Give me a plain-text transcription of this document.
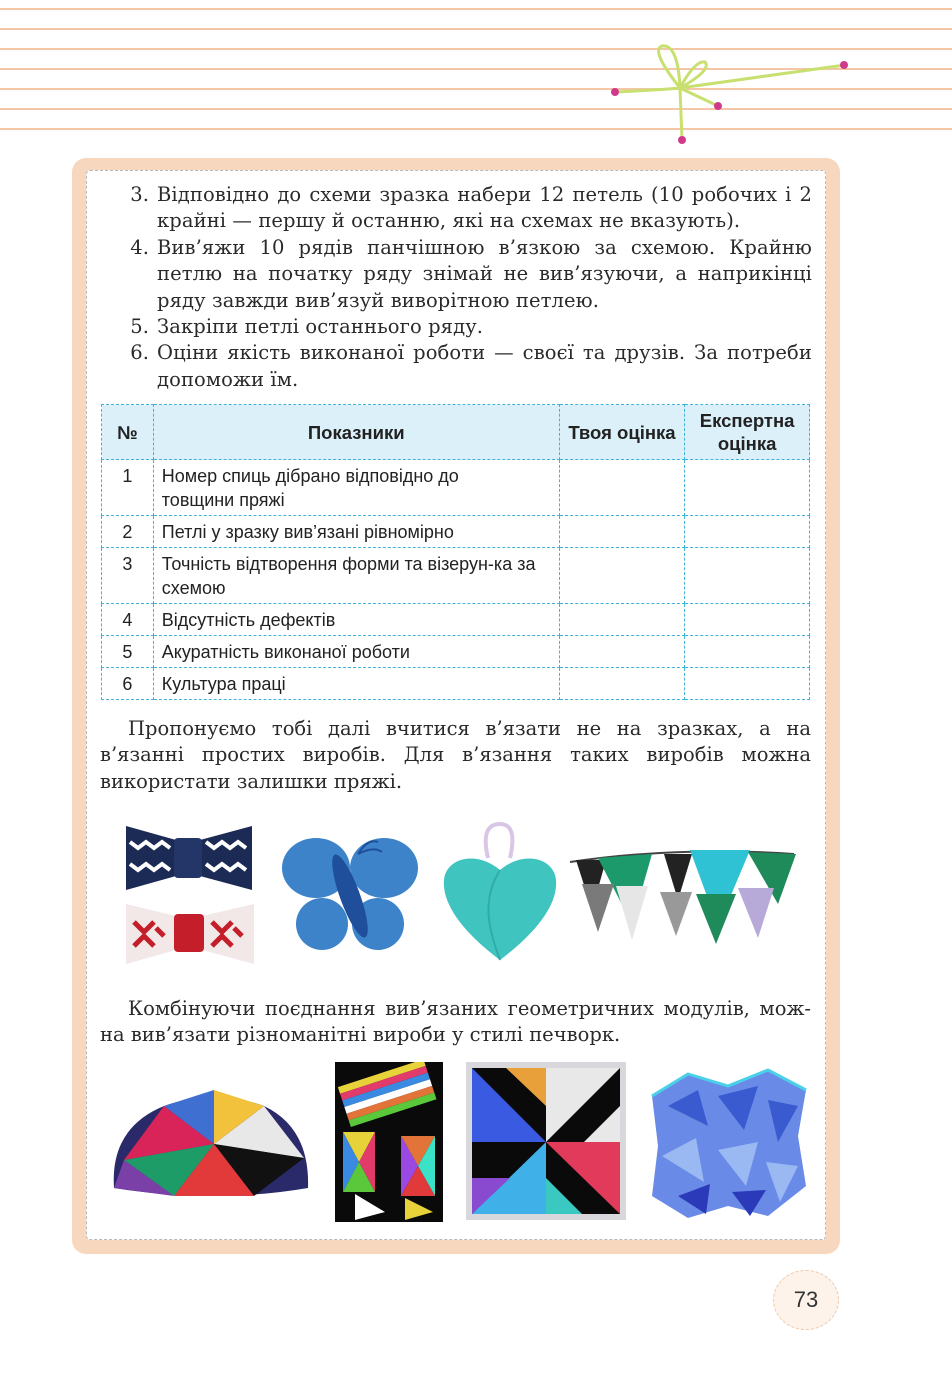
3. Відповідно до схеми зразка набери 12 петель (10 робочих і 2 крайні — першу й останню, які на схемах не вказують).
4. Вив’яжи 10 рядів панчішною в’язкою за схемою. Крайню петлю на початку ряду знімай не вив’язуючи, а наприкінці ряду завжди вив’язуй виворітною петлею.
5. Закріпи петлі останнього ряду.
6. Оціни якість виконаної роботи — своєї та друзів. За потреби допоможи їм.
№	Показники	Твоя оцінка	Експертна оцінка
1	Номер спиць дібрано відповідно до товщини пряжі		

2	Петлі у зразку вив’язані рівномірно		
3	Точність відтворення форми та візерун-ка за схемою		

4	Відсутність дефектів		
5	Акуратність виконаної роботи		
6	Культура праці		

Пропонуємо тобі далі вчитися в’язати не на зразках, а на в’язанні простих виробів. Для в’язання таких виробів можна використати залишки пряжі.

Комбінуючи поєднання вив’язаних геометричних модулів, мож-на вив’язати різноманітні вироби у стилі печворк.

73
